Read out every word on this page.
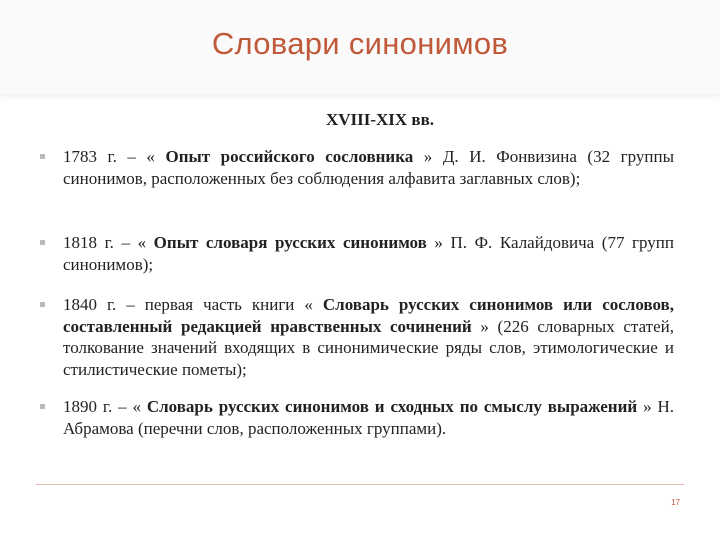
Словари синонимов
XVIII-XIX вв.
1783 г. – « Опыт российского сословника » Д. И. Фонвизина (32 группы синонимов, расположенных без соблюдения алфавита заглавных слов);
1818 г. – « Опыт словаря русских синонимов » П. Ф. Калайдовича (77 групп синонимов);
1840 г. – первая часть книги « Словарь русских синонимов или сословов, составленный редакцией нравственных сочинений » (226 словарных статей, толкование значений входящих в синонимические ряды слов, этимологические и стилистические пометы);
1890 г. – « Словарь русских синонимов и сходных по смыслу выражений » Н. Абрамова (перечни слов, расположенных группами).
17
